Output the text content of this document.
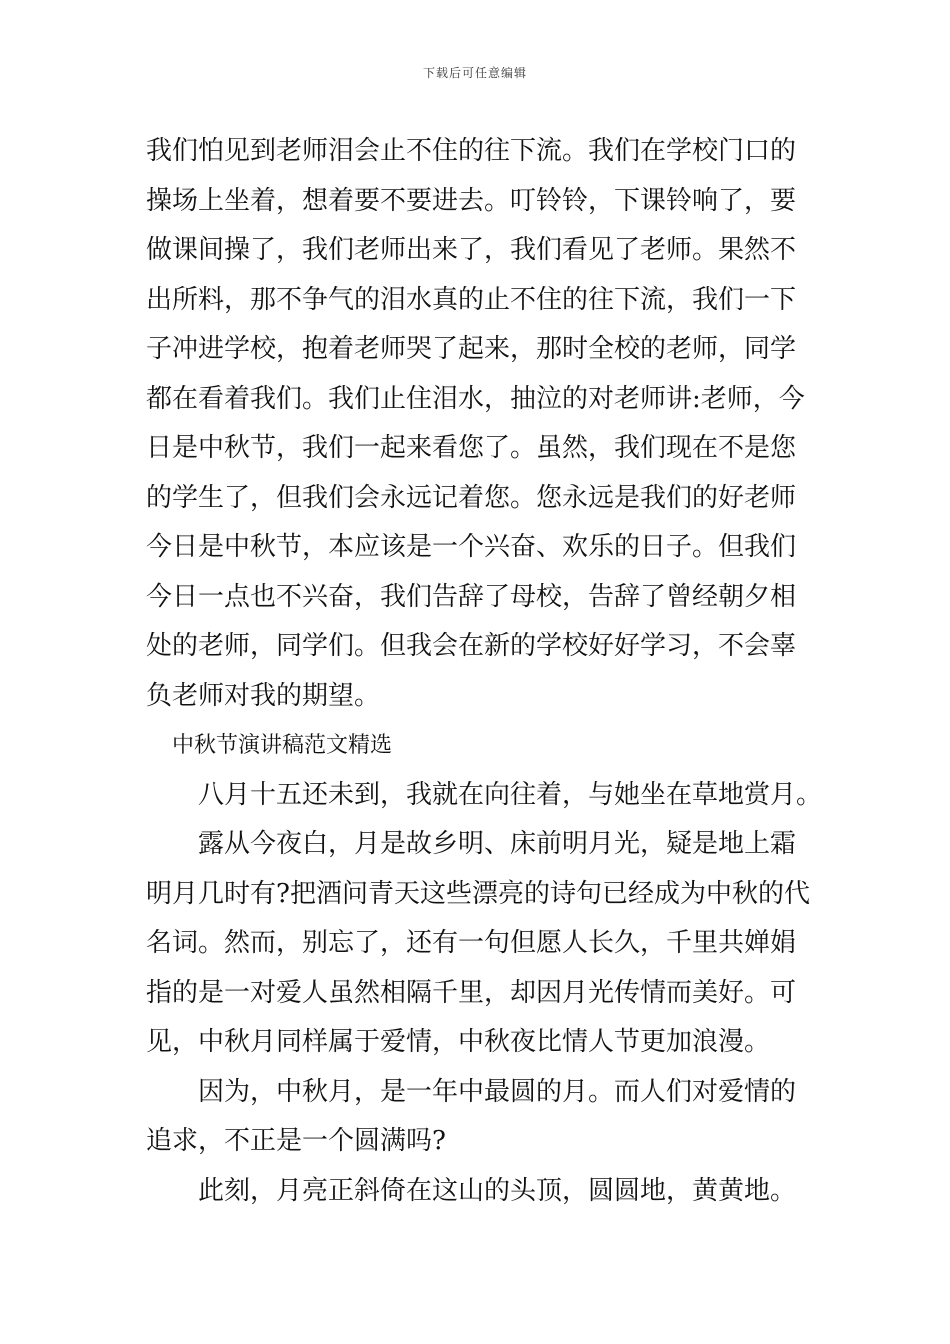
下载后可任意编辑
我们怕见到老师泪会止不住的往下流。我们在学校门口的
操场上坐着，想着要不要进去。叮铃铃，下课铃响了，要
做课间操了，我们老师出来了，我们看见了老师。果然不
出所料，那不争气的泪水真的止不住的往下流，我们一下
子冲进学校，抱着老师哭了起来，那时全校的老师，同学
都在看着我们。我们止住泪水，抽泣的对老师讲:老师，今
日是中秋节，我们一起来看您了。虽然，我们现在不是您
的学生了，但我们会永远记着您。您永远是我们的好老师
今日是中秋节，本应该是一个兴奋、欢乐的日子。但我们
今日一点也不兴奋，我们告辞了母校，告辞了曾经朝夕相
处的老师，同学们。但我会在新的学校好好学习，不会辜
负老师对我的期望。
中秋节演讲稿范文精选
八月十五还未到，我就在向往着，与她坐在草地赏月。
露从今夜白，月是故乡明、床前明月光，疑是地上霜
明月几时有?把酒问青天这些漂亮的诗句已经成为中秋的代
名词。然而，别忘了，还有一句但愿人长久，千里共婵娟
指的是一对爱人虽然相隔千里，却因月光传情而美好。可
见，中秋月同样属于爱情，中秋夜比情人节更加浪漫。
因为，中秋月，是一年中最圆的月。而人们对爱情的
追求，不正是一个圆满吗?
此刻，月亮正斜倚在这山的头顶，圆圆地，黄黄地。
